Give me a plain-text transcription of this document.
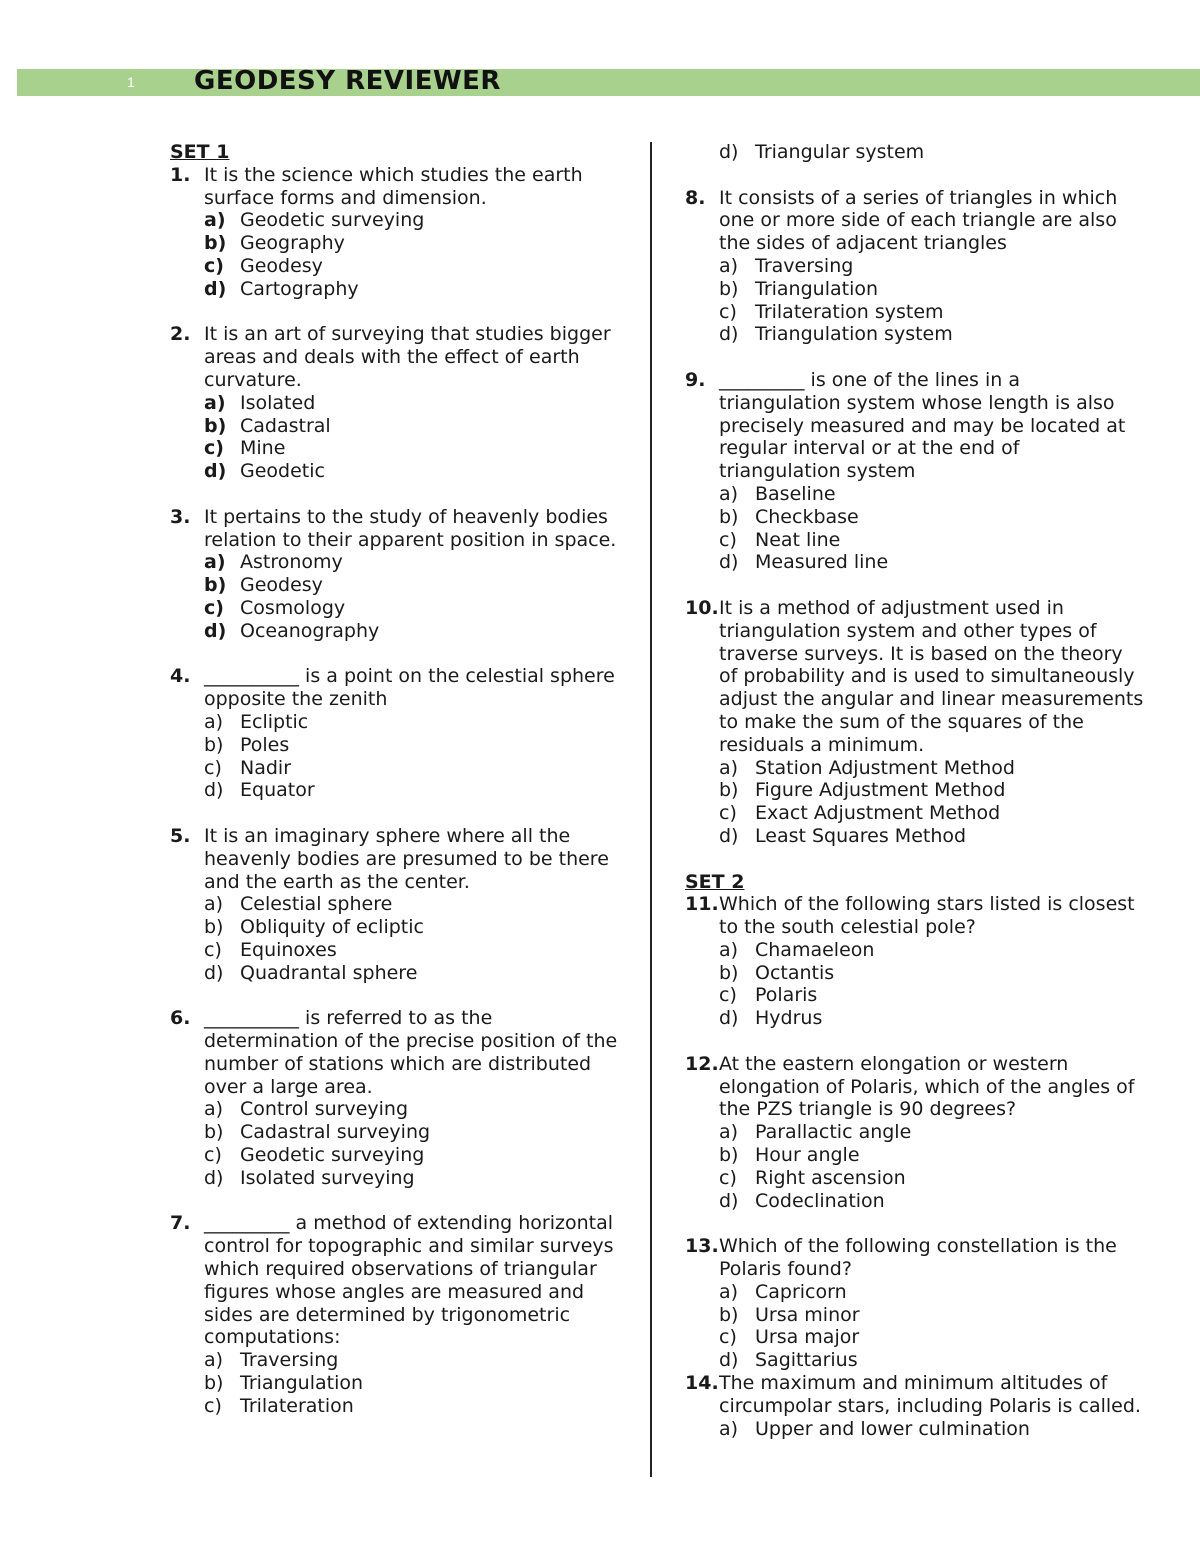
1 GEODESY REVIEWER
SET 1
1. It is the science which studies the earth surface forms and dimension.
a) Geodetic surveying
b) Geography
c) Geodesy
d) Cartography
2. It is an art of surveying that studies bigger areas and deals with the effect of earth curvature.
a) Isolated
b) Cadastral
c) Mine
d) Geodetic
3. It pertains to the study of heavenly bodies relation to their apparent position in space.
a) Astronomy
b) Geodesy
c) Cosmology
d) Oceanography
4. __________ is a point on the celestial sphere opposite the zenith
a) Ecliptic
b) Poles
c) Nadir
d) Equator
5. It is an imaginary sphere where all the heavenly bodies are presumed to be there and the earth as the center.
a) Celestial sphere
b) Obliquity of ecliptic
c) Equinoxes
d) Quadrantal sphere
6. __________ is referred to as the determination of the precise position of the number of stations which are distributed over a large area.
a) Control surveying
b) Cadastral surveying
c) Geodetic surveying
d) Isolated surveying
7. _________ a method of extending horizontal control for topographic and similar surveys which required observations of triangular figures whose angles are measured and sides are determined by trigonometric computations:
a) Traversing
b) Triangulation
c) Trilateration
d) Triangular system
8. It consists of a series of triangles in which one or more side of each triangle are also the sides of adjacent triangles
a) Traversing
b) Triangulation
c) Trilateration system
d) Triangulation system
9. _________ is one of the lines in a triangulation system whose length is also precisely measured and may be located at regular interval or at the end of triangulation system
a) Baseline
b) Checkbase
c) Neat line
d) Measured line
10. It is a method of adjustment used in triangulation system and other types of traverse surveys. It is based on the theory of probability and is used to simultaneously adjust the angular and linear measurements to make the sum of the squares of the residuals a minimum.
a) Station Adjustment Method
b) Figure Adjustment Method
c) Exact Adjustment Method
d) Least Squares Method
SET 2
11. Which of the following stars listed is closest to the south celestial pole?
a) Chamaeleon
b) Octantis
c) Polaris
d) Hydrus
12. At the eastern elongation or western elongation of Polaris, which of the angles of the PZS triangle is 90 degrees?
a) Parallactic angle
b) Hour angle
c) Right ascension
d) Codeclination
13. Which of the following constellation is the Polaris found?
a) Capricorn
b) Ursa minor
c) Ursa major
d) Sagittarius
14. The maximum and minimum altitudes of circumpolar stars, including Polaris is called.
a) Upper and lower culmination
